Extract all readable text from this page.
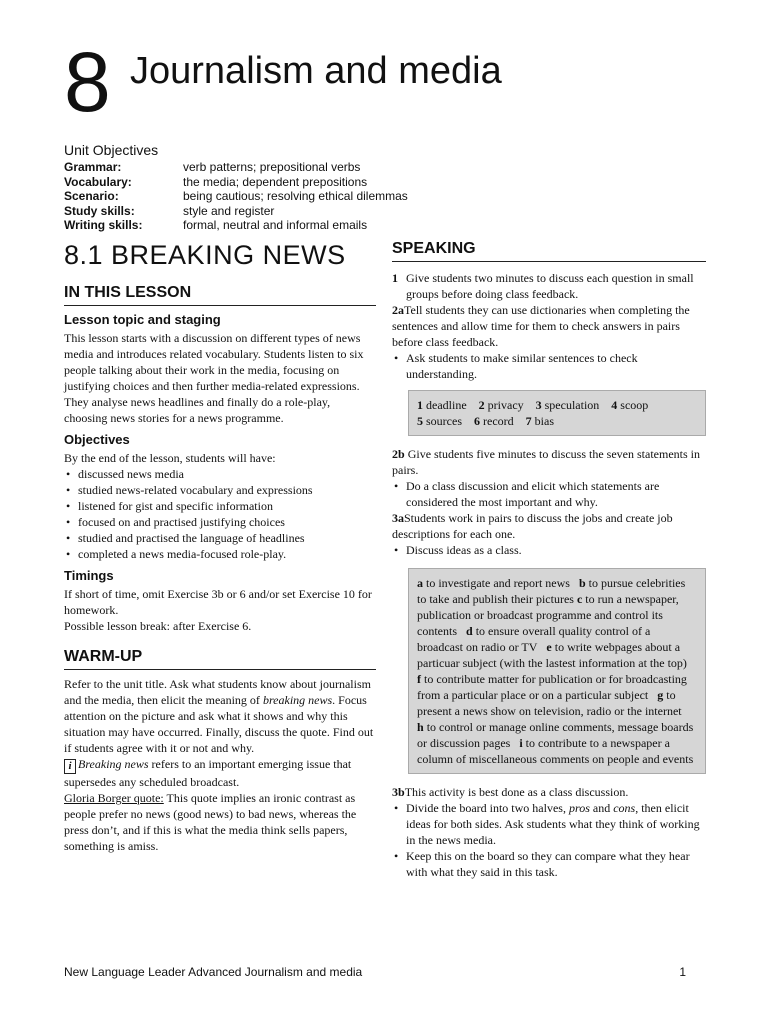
8 Journalism and media
Unit Objectives
Grammar:	verb patterns; prepositional verbs
Vocabulary:	the media; dependent prepositions
Scenario:	being cautious; resolving ethical dilemmas
Study skills:	style and register
Writing skills:	formal, neutral and informal emails
8.1 BREAKING NEWS
IN THIS LESSON
Lesson topic and staging

This lesson starts with a discussion on different types of news media and introduces related vocabulary. Students listen to six people talking about their work in the media, focusing on justifying choices and then further media-related expressions. They analyse news headlines and finally do a role-play, choosing news stories for a news programme.

Objectives

By the end of the lesson, students will have:

• discussed news media
• studied news-related vocabulary and expressions
• listened for gist and specific information
• focused on and practised justifying choices
• studied and practised the language of headlines
• completed a news media-focused role-play.
Timings

If short of time, omit Exercise 3b or 6 and/or set Exercise 10 for homework.

Possible lesson break: after Exercise 6.

WARM-UP

Refer to the unit title. Ask what students know about journalism and the media, then elicit the meaning of breaking news. Focus attention on the picture and ask what it shows and why this situation may have occurred. Finally, discuss the quote. Find out if students agree with it or not and why.

i Breaking news refers to an important emerging issue that supersedes any scheduled broadcast.

Gloria Borger quote: This quote implies an ironic contrast as people prefer no news (good news) to bad news, whereas the press don’t, and if this is what the media think sells papers, something is amiss.

SPEAKING
1 Give students two minutes to discuss each question in small groups before doing class feedback.
2aTell students they can use dictionaries when completing the sentences and allow time for them to check answers in pairs before class feedback.
• Ask students to make similar sentences to check understanding.
1 deadline 2 privacy 3 speculation 4 scoop
5 sources 6 record 7 bias
2b Give students five minutes to discuss the seven statements in pairs.
• Do a class discussion and elicit which statements are considered the most important and why.
3aStudents work in pairs to discuss the jobs and create job descriptions for each one.
• Discuss ideas as a class.
a to investigate and report news b to pursue celebrities to take and publish their pictures c to run a newspaper, publication or broadcast programme and control its contents d to ensure overall quality control of a broadcast on radio or TV e to write webpages about a particuar subject (with the lastest information at the top)   f to contribute matter for publication or for broadcasting from a particular place or on a particular subject g to present a news show on television, radio or the internet   h to control or manage online comments, message boards or discussion pages i to contribute to a newspaper a column of miscellaneous comments on people and events
3bThis activity is best done as a class discussion.
• Divide the board into two halves, pros and cons, then elicit ideas for both sides. Ask students what they think of working in the news media.
• Keep this on the board so they can compare what they hear with what they said in this task.
New Language Leader Advanced Journalism and media	1
